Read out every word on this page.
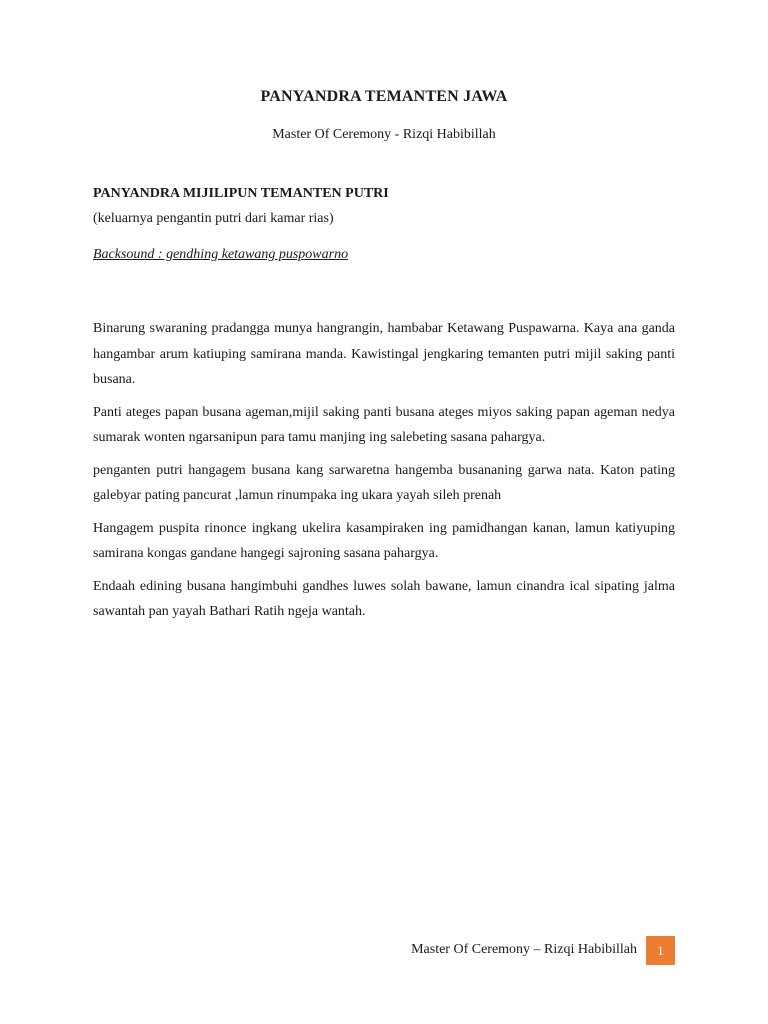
PANYANDRA TEMANTEN JAWA
Master Of Ceremony - Rizqi Habibillah
PANYANDRA MIJILIPUN TEMANTEN PUTRI
(keluarnya pengantin putri dari kamar rias)
Backsound : gendhing ketawang puspowarno

Binarung swaraning pradangga munya hangrangin, hambabar Ketawang Puspawarna. Kaya ana ganda hangambar arum katiuping samirana manda. Kawistingal jengkaring temanten putri mijil saking panti busana.

Panti ateges papan busana ageman,mijil saking panti busana ateges miyos saking papan ageman nedya sumarak wonten ngarsanipun para tamu manjing ing salebeting sasana pahargya.

penganten putri hangagem busana kang sarwaretna hangemba busananing garwa nata. Katon pating galebyar pating pancurat ,lamun rinumpaka ing ukara yayah sileh prenah

Hangagem puspita rinonce ingkang ukelira kasampiraken ing pamidhangan kanan, lamun katiyuping samirana kongas gandane hangegi sajroning sasana pahargya.

Endaah edining busana hangimbuhi gandhes luwes solah bawane, lamun cinandra ical sipating jalma sawantah pan yayah Bathari Ratih ngeja wantah.

Master Of Ceremony – Rizqi Habibillah	1
